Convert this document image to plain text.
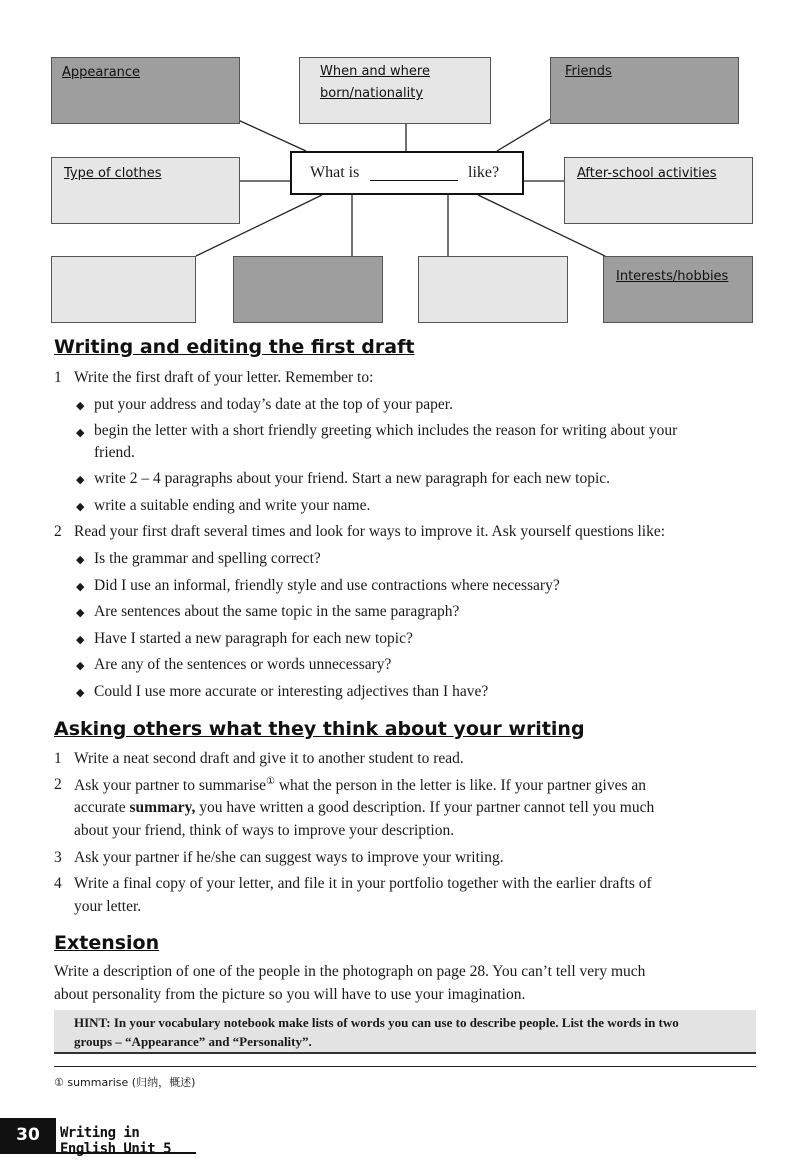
Appearance	When and where
born/nationality
Friends
Type of clothes	What is	like?	After-school activities
Interests/hobbies
Writing and editing the first draft
1 Write the first draft of your letter. Remember to:
◆ put your address and today’s date at the top of your paper.
◆ begin the letter with a short friendly greeting which includes the reason for writing about your
friend.
◆ write 2 – 4 paragraphs about your friend. Start a new paragraph for each new topic.
◆ write a suitable ending and write your name.
2 Read your first draft several times and look for ways to improve it. Ask yourself questions like:
◆ Is the grammar and spelling correct?
◆ Did I use an informal, friendly style and use contractions where necessary?
◆ Are sentences about the same topic in the same paragraph?
◆ Have I started a new paragraph for each new topic?
◆ Are any of the sentences or words unnecessary?
◆ Could I use more accurate or interesting adjectives than I have?
Asking others what they think about your writing
1 Write a neat second draft and give it to another student to read.
2 Ask your partner to summarise① what the person in the letter is like. If your partner gives an
accurate summary, you have written a good description. If your partner cannot tell you much
about your friend, think of ways to improve your description.
3 Ask your partner if he/she can suggest ways to improve your writing.
4 Write a final copy of your letter, and file it in your portfolio together with the earlier drafts of
your letter.
Extension
Write a description of one of the people in the photograph on page 28. You can’t tell very much
about personality from the picture so you will have to use your imagination.
HINT: In your vocabulary notebook make lists of words you can use to describe people. List the words in two
groups – “Appearance” and “Personality”.
① summarise (归纳，概述)
30	Writing in English Unit 5
